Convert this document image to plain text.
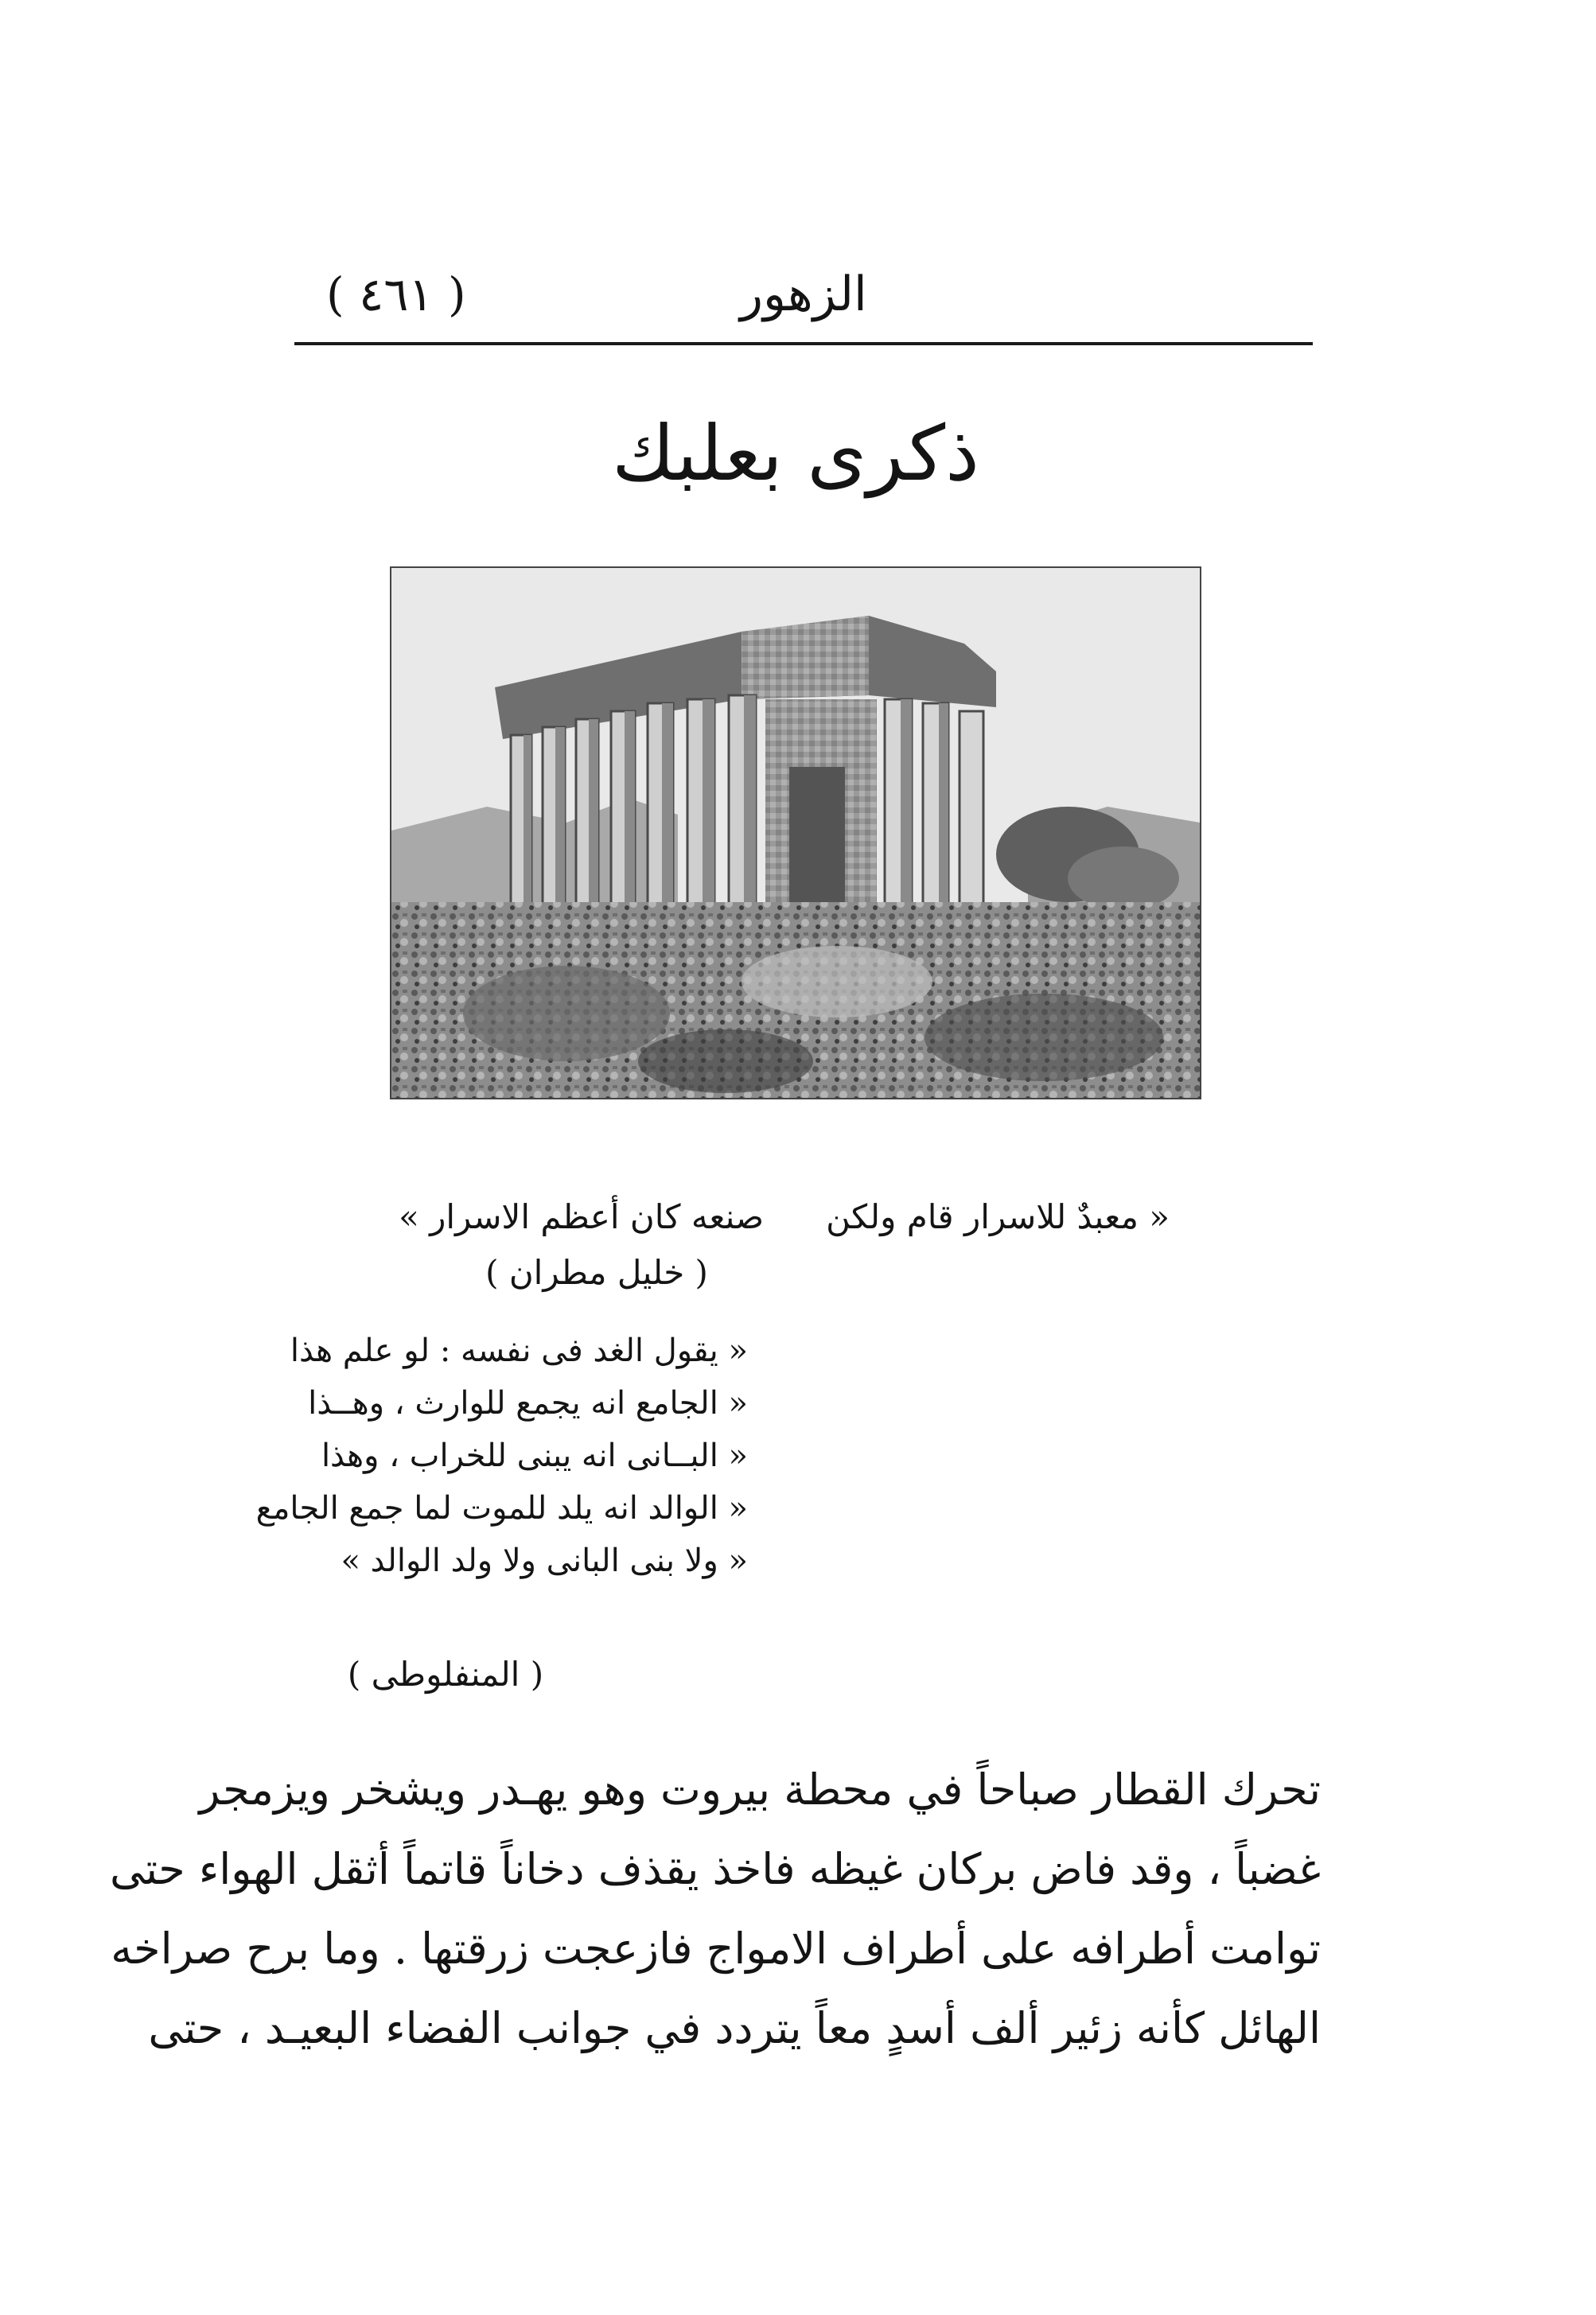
( ٤٦١ )	الزهور
ذكرى بعلبك
« معبدٌ للاسرار قام ولكن
صنعه كان أعظم الاسرار »
( خليل مطران )
« يقول الغد فى نفسه : لو علم هذا
« الجامع انه يجمع للوارث ، وهــذا
« البــانى انه يبنى للخراب ، وهذا
« الوالد انه يلد للموت لما جمع الجامع
« ولا بنى البانى ولا ولد الوالد »
( المنفلوطى )
تحرك القطار صباحاً في محطة بيروت وهو يهـدر ويشخر ويزمجر
غضباً ، وقد فاض بركان غيظه فاخذ يقذف دخاناً قاتماً أثقل الهواء حتى
توامت أطرافه على أطراف الامواج فازعجت زرقتها . وما برح صراخه
الهائل كأنه زئير ألف أسدٍ معاً يتردد في جوانب الفضاء البعيـد ، حتى
